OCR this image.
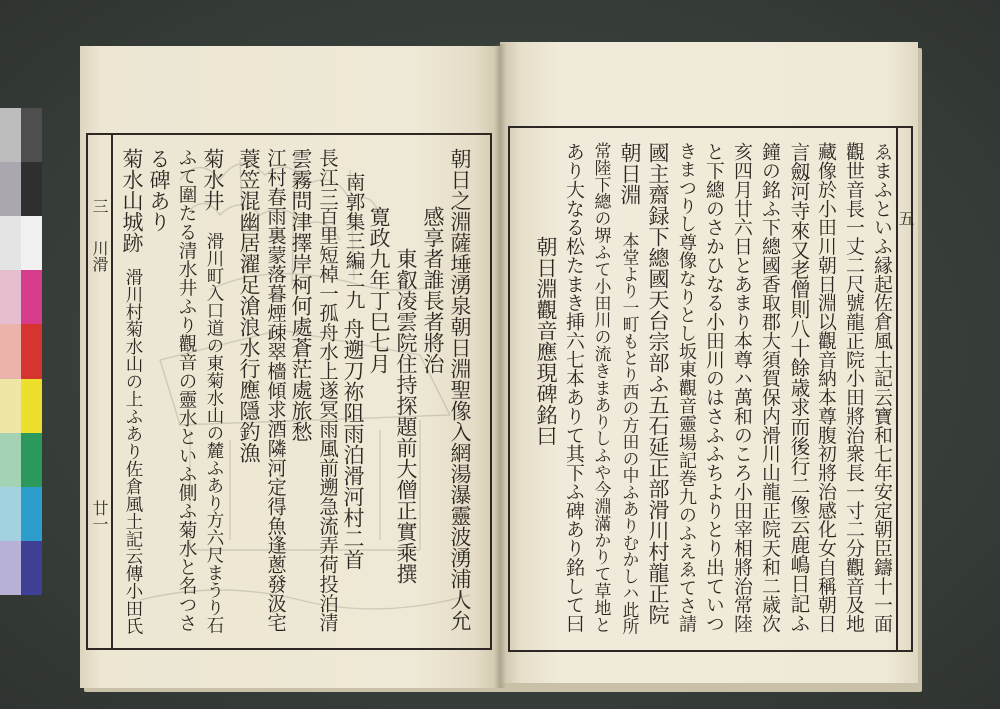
三
川滑
廿一
五
ゑまふといふ縁起佐倉風土記云寶和七年安定朝臣鑄十一面
觀世音長一丈二尺號龍正院小田將治衆長一寸二分觀音及地
藏像於小田川朝日淵以觀音納本尊腹初將治感化女自稱朝日
言劔河寺來又老僧則八十餘歳求而後行二像云鹿嶋日記ふ
鐘の銘ふ下總國香取郡大須賀保内滑川山龍正院天和二歳次
亥四月廿六日とあまり本尊ハ萬和のころ小田宰相將治常陸
と下總のさかひなる小田川のはさふふちよりとり出ていつ
きまつりし尊像なりとし坂東觀音靈場記巻九のふえゑてさ請
國主齋録下總國天台宗部ふ五石延正部滑川村龍正院
朝日淵
本堂より一町もとり西の方田の中ふありむかしハ此所
常陸下總の堺ふて小田川の流きまありしふや今淵滿かりて草地と
あり大なる松たまき挿六七本ありて其下ふ碑あり銘して曰
朝日淵觀音應現碑銘曰
朝日之淵薩埵湧泉朝日淵聖像入網湯瀑靈波湧浦人允
感享者誰長者將治
東叡凌雲院住持探題前大僧正實乘撰
寛政九年丁巳七月
南郭集三編二九
舟遡刀祢阻雨泊滑河村二首
長江三百里短棹一孤舟水上遂冥雨風前遡急流弄荷投泊清
雲霧問津擇岸柯何處蒼茫處旅愁
江村春雨裏蒙落暮煙疎翠檣傾求酒隣河定得魚逢蔥發汲宅
蓑笠混幽居濯足滄浪水行應隱釣漁
菊水井
滑川町入口道の東菊水山の麓ふあり方六尺まうり石
ふて圍たる清水井ふり觀音の靈水といふ側ふ菊水と名つさ
る碑あり
菊水山城跡
滑川村菊水山の上ふあり佐倉風土記云傳小田氏
